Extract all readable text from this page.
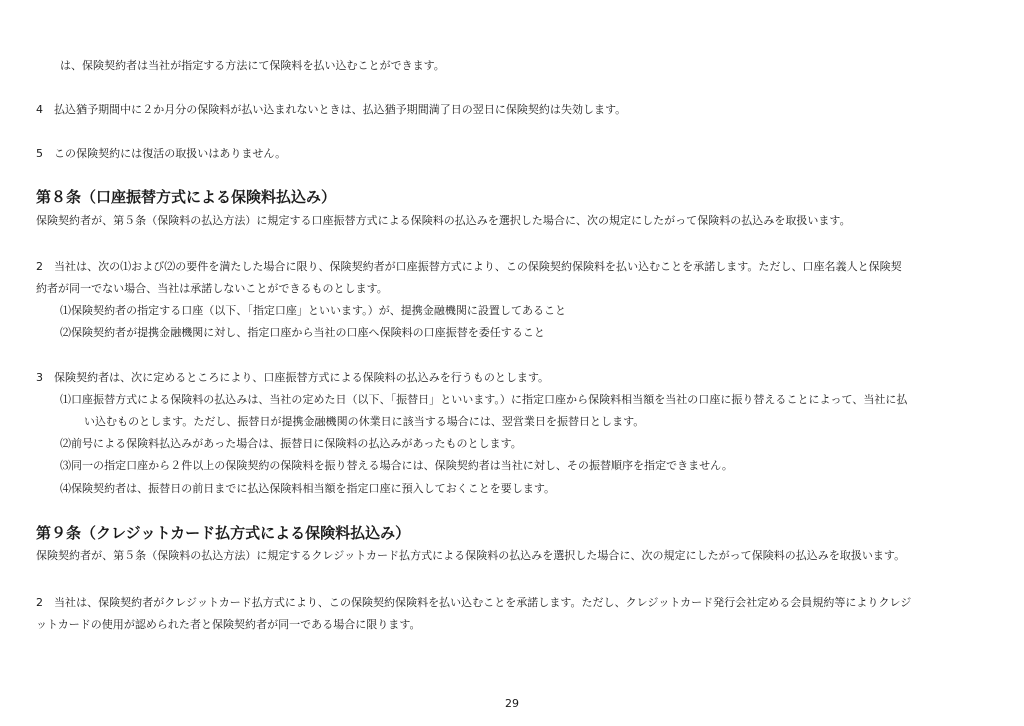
は、保険契約者は当社が指定する方法にて保険料を払い込むことができます。
4　払込猶予期間中に２か月分の保険料が払い込まれないときは、払込猶予期間満了日の翌日に保険契約は失効します。
5　この保険契約には復活の取扱いはありません。
第８条（口座振替方式による保険料払込み）
保険契約者が、第５条（保険料の払込方法）に規定する口座振替方式による保険料の払込みを選択した場合に、次の規定にしたがって保険料の払込みを取扱います。
2　当社は、次の⑴および⑵の要件を満たした場合に限り、保険契約者が口座振替方式により、この保険契約保険料を払い込むことを承諾します。ただし、口座名義人と保険契
約者が同一でない場合、当社は承諾しないことができるものとします。
⑴保険契約者の指定する口座（以下、「指定口座」といいます。）が、提携金融機関に設置してあること
⑵保険契約者が提携金融機関に対し、指定口座から当社の口座へ保険料の口座振替を委任すること
3　保険契約者は、次に定めるところにより、口座振替方式による保険料の払込みを行うものとします。
⑴口座振替方式による保険料の払込みは、当社の定めた日（以下、「振替日」といいます。）に指定口座から保険料相当額を当社の口座に振り替えることによって、当社に払
い込むものとします。ただし、振替日が提携金融機関の休業日に該当する場合には、翌営業日を振替日とします。
⑵前号による保険料払込みがあった場合は、振替日に保険料の払込みがあったものとします。
⑶同一の指定口座から２件以上の保険契約の保険料を振り替える場合には、保険契約者は当社に対し、その振替順序を指定できません。
⑷保険契約者は、振替日の前日までに払込保険料相当額を指定口座に預入しておくことを要します。
第９条（クレジットカード払方式による保険料払込み）
保険契約者が、第５条（保険料の払込方法）に規定するクレジットカード払方式による保険料の払込みを選択した場合に、次の規定にしたがって保険料の払込みを取扱います。
2　当社は、保険契約者がクレジットカード払方式により、この保険契約保険料を払い込むことを承諾します。ただし、クレジットカード発行会社定める会員規約等によりクレジ
ットカードの使用が認められた者と保険契約者が同一である場合に限ります。
29
